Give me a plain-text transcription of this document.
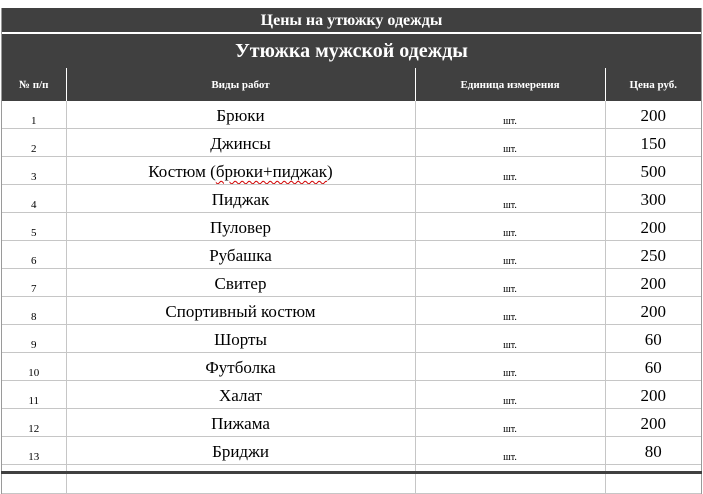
Цены на утюжку одежды
Утюжка мужской одежды
№ п/п	Виды работ	Единица измерения	Цена руб.
1	Брюки	шт.	200
2	Джинсы	шт.	150
3	Костюм (брюки+пиджак)	шт.	500
4	Пиджак	шт.	300
5	Пуловер	шт.	200
6	Рубашка	шт.	250
7	Свитер	шт.	200
8	Спортивный костюм	шт.	200
9	Шорты	шт.	60
10	Футболка	шт.	60
11	Халат	шт.	200
12	Пижама	шт.	200
13	Бриджи	шт.	80
